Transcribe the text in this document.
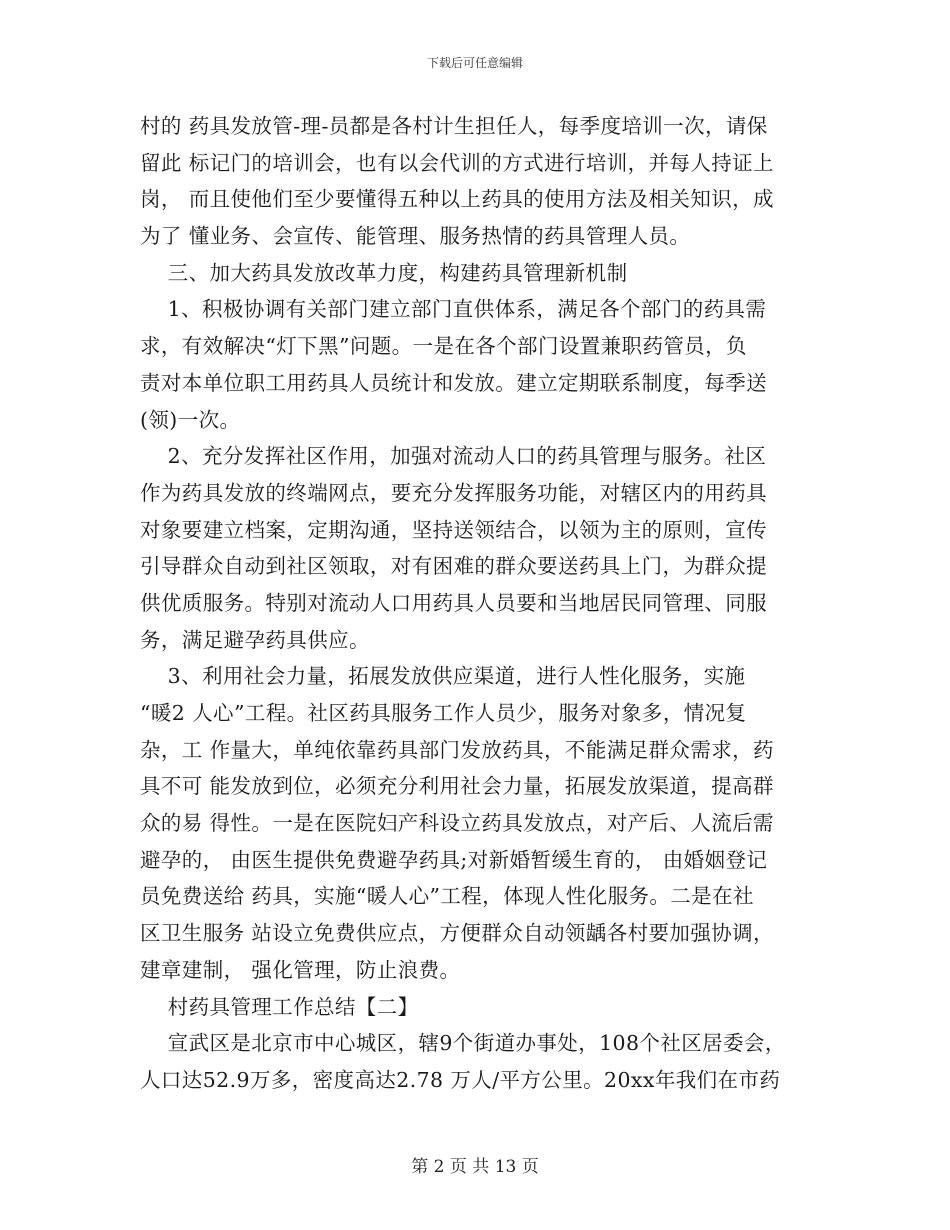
下载后可任意编辑
村的 药具发放管-理-员都是各村计生担任人，每季度培训一次，请保
留此 标记门的培训会，也有以会代训的方式进行培训，并每人持证上
岗， 而且使他们至少要懂得五种以上药具的使用方法及相关知识，成
为了 懂业务、会宣传、能管理、服务热情的药具管理人员。
三、加大药具发放改革力度，构建药具管理新机制
1、积极协调有关部门建立部门直供体系，满足各个部门的药具需
求，有效解决“灯下黑”问题。一是在各个部门设置兼职药管员，负
责对本单位职工用药具人员统计和发放。建立定期联系制度，每季送
(领)一次。
2、充分发挥社区作用，加强对流动人口的药具管理与服务。社区
作为药具发放的终端网点，要充分发挥服务功能，对辖区内的用药具
对象要建立档案，定期沟通，坚持送领结合，以领为主的原则，宣传
引导群众自动到社区领取，对有困难的群众要送药具上门，为群众提
供优质服务。特别对流动人口用药具人员要和当地居民同管理、同服
务，满足避孕药具供应。
3、利用社会力量，拓展发放供应渠道，进行人性化服务，实施
“暖2 人心”工程。社区药具服务工作人员少，服务对象多，情况复
杂，工 作量大，单纯依靠药具部门发放药具，不能满足群众需求，药
具不可 能发放到位，必须充分利用社会力量，拓展发放渠道，提高群
众的易 得性。一是在医院妇产科设立药具发放点，对产后、人流后需
避孕的， 由医生提供免费避孕药具;对新婚暂缓生育的， 由婚姻登记
员免费送给 药具，实施“暖人心”工程，体现人性化服务。二是在社
区卫生服务 站设立免费供应点，方便群众自动领龋各村要加强协调，
建章建制， 强化管理，防止浪费。
村药具管理工作总结【二】
宣武区是北京市中心城区，辖9个街道办事处，108个社区居委会，
人口达52.9万多，密度高达2.78 万人/平方公里。20xx年我们在市药
第 2 页 共 13 页
